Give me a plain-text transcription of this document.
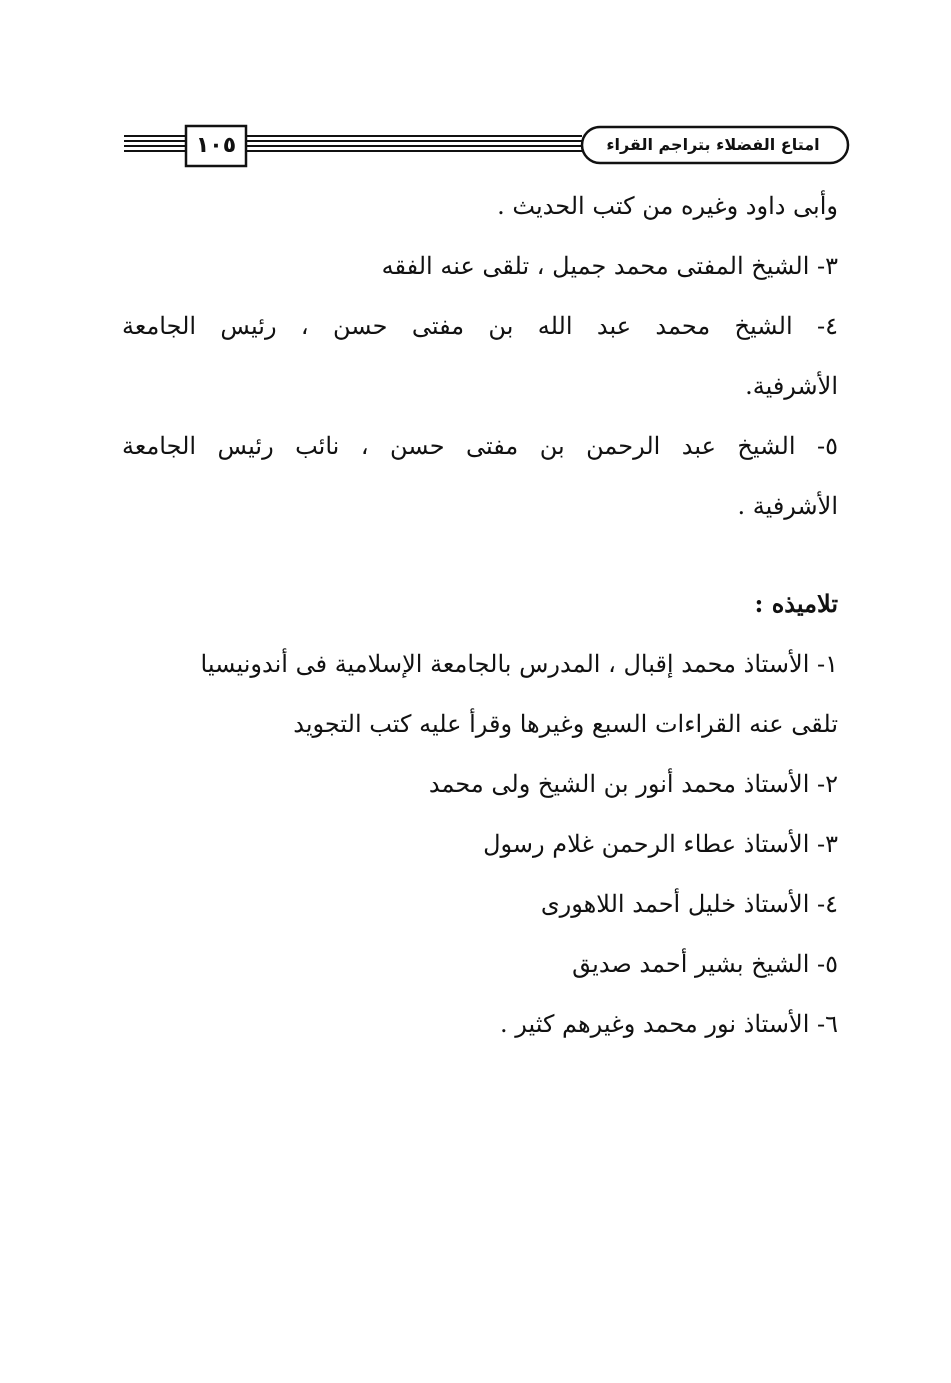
١٠٥	امتاع الفضلاء بتراجم القراء

وأبى داود وغيره من كتب الحديث .

٣- الشيخ المفتى محمد جميل ، تلقى عنه الفقه

٤- الشيخ محمد عبد الله بن مفتى حسن ، رئيس الجامعة

الأشرفية.

٥- الشيخ عبد الرحمن بن مفتى حسن ، نائب رئيس الجامعة

الأشرفية .

تلاميذه :

١- الأستاذ محمد إقبال ، المدرس بالجامعة الإسلامية فى أندونيسيا

تلقى عنه القراءات السبع وغيرها وقرأ عليه كتب التجويد

٢- الأستاذ محمد أنور بن الشيخ ولى محمد

٣- الأستاذ عطاء الرحمن غلام رسول

٤- الأستاذ خليل أحمد اللاهورى

٥- الشيخ بشير أحمد صديق

٦- الأستاذ نور محمد وغيرهم كثير .
